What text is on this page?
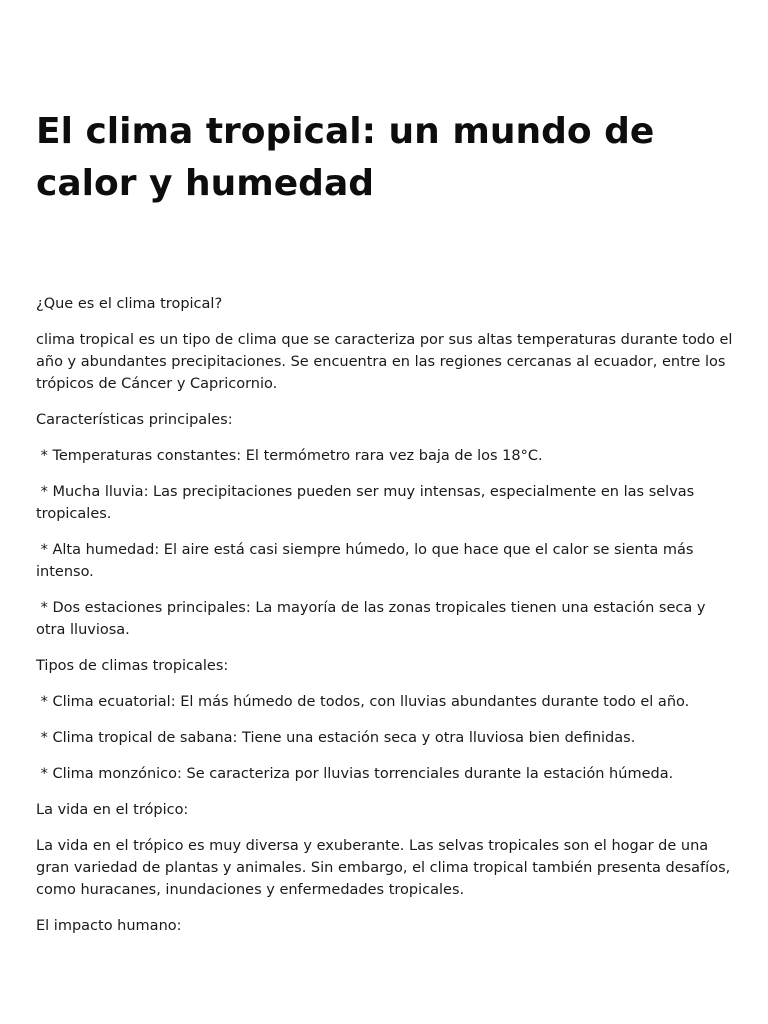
El clima tropical: un mundo de calor y humedad

¿Que es el clima tropical?

clima tropical es un tipo de clima que se caracteriza por sus altas temperaturas durante todo el año y abundantes precipitaciones. Se encuentra en las regiones cercanas al ecuador, entre los trópicos de Cáncer y Capricornio.

Características principales:

* Temperaturas constantes: El termómetro rara vez baja de los 18°C.

* Mucha lluvia: Las precipitaciones pueden ser muy intensas, especialmente en las selvas tropicales.

* Alta humedad: El aire está casi siempre húmedo, lo que hace que el calor se sienta más intenso.

* Dos estaciones principales: La mayoría de las zonas tropicales tienen una estación seca y otra lluviosa.

Tipos de climas tropicales:

* Clima ecuatorial: El más húmedo de todos, con lluvias abundantes durante todo el año.

* Clima tropical de sabana: Tiene una estación seca y otra lluviosa bien definidas.

* Clima monzónico: Se caracteriza por lluvias torrenciales durante la estación húmeda.

La vida en el trópico:

La vida en el trópico es muy diversa y exuberante. Las selvas tropicales son el hogar de una gran variedad de plantas y animales. Sin embargo, el clima tropical también presenta desafíos, como huracanes, inundaciones y enfermedades tropicales.

El impacto humano:
